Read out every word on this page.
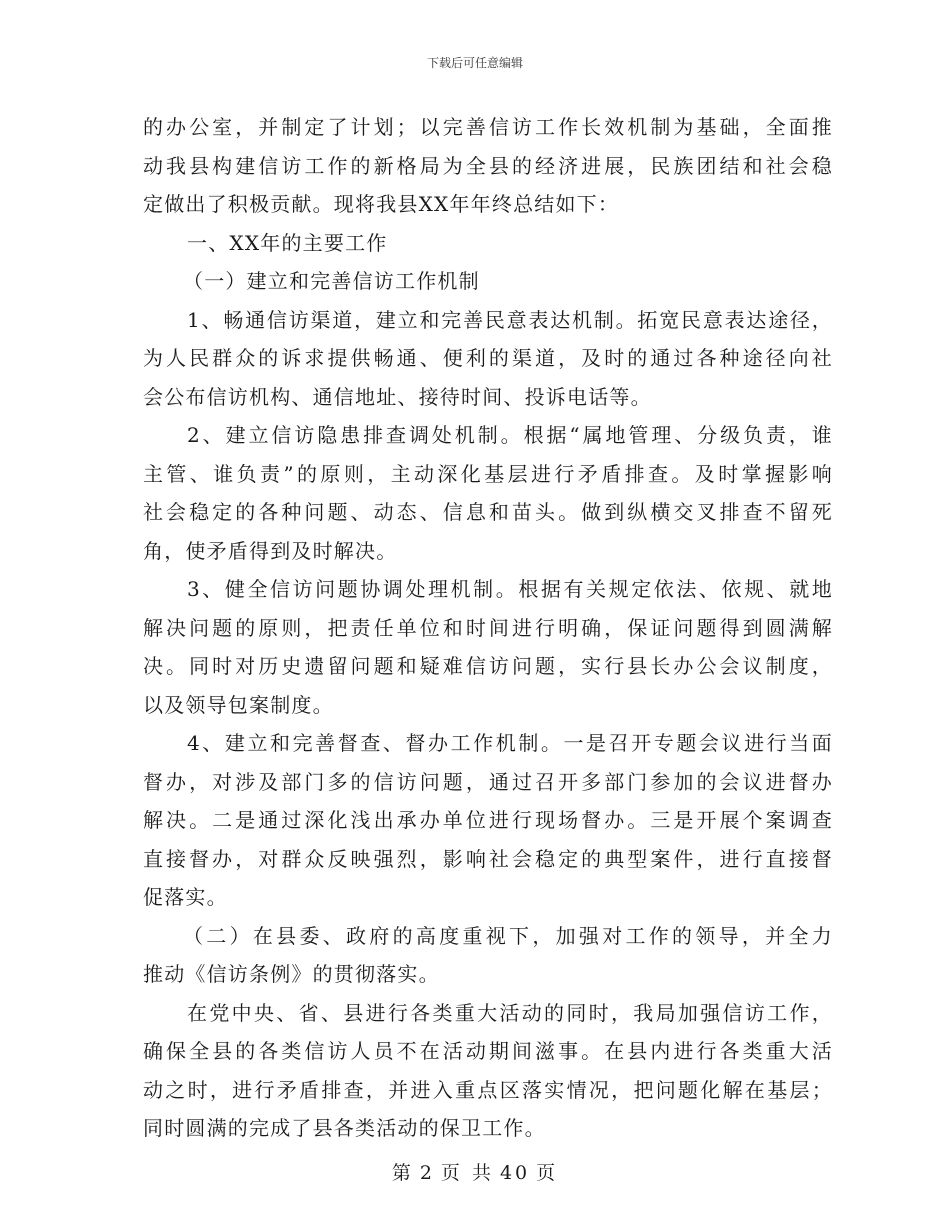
下载后可任意编辑
的办公室，并制定了计划；以完善信访工作长效机制为基础，全面推
动我县构建信访工作的新格局为全县的经济进展，民族团结和社会稳
定做出了积极贡献。现将我县XX年年终总结如下：
一、XX年的主要工作
（一）建立和完善信访工作机制
1、畅通信访渠道，建立和完善民意表达机制。拓宽民意表达途径，
为人民群众的诉求提供畅通、便利的渠道，及时的通过各种途径向社
会公布信访机构、通信地址、接待时间、投诉电话等。
2、建立信访隐患排查调处机制。根据“属地管理、分级负责，谁
主管、谁负责”的原则，主动深化基层进行矛盾排查。及时掌握影响
社会稳定的各种问题、动态、信息和苗头。做到纵横交叉排查不留死
角，使矛盾得到及时解决。
3、健全信访问题协调处理机制。根据有关规定依法、依规、就地
解决问题的原则，把责任单位和时间进行明确，保证问题得到圆满解
决。同时对历史遗留问题和疑难信访问题，实行县长办公会议制度，
以及领导包案制度。
4、建立和完善督查、督办工作机制。一是召开专题会议进行当面
督办，对涉及部门多的信访问题，通过召开多部门参加的会议进督办
解决。二是通过深化浅出承办单位进行现场督办。三是开展个案调查
直接督办，对群众反映强烈，影响社会稳定的典型案件，进行直接督
促落实。
（二）在县委、政府的高度重视下，加强对工作的领导，并全力
推动《信访条例》的贯彻落实。
在党中央、省、县进行各类重大活动的同时，我局加强信访工作，
确保全县的各类信访人员不在活动期间滋事。在县内进行各类重大活
动之时，进行矛盾排查，并进入重点区落实情况，把问题化解在基层；
同时圆满的完成了县各类活动的保卫工作。
第 2 页 共 40 页
